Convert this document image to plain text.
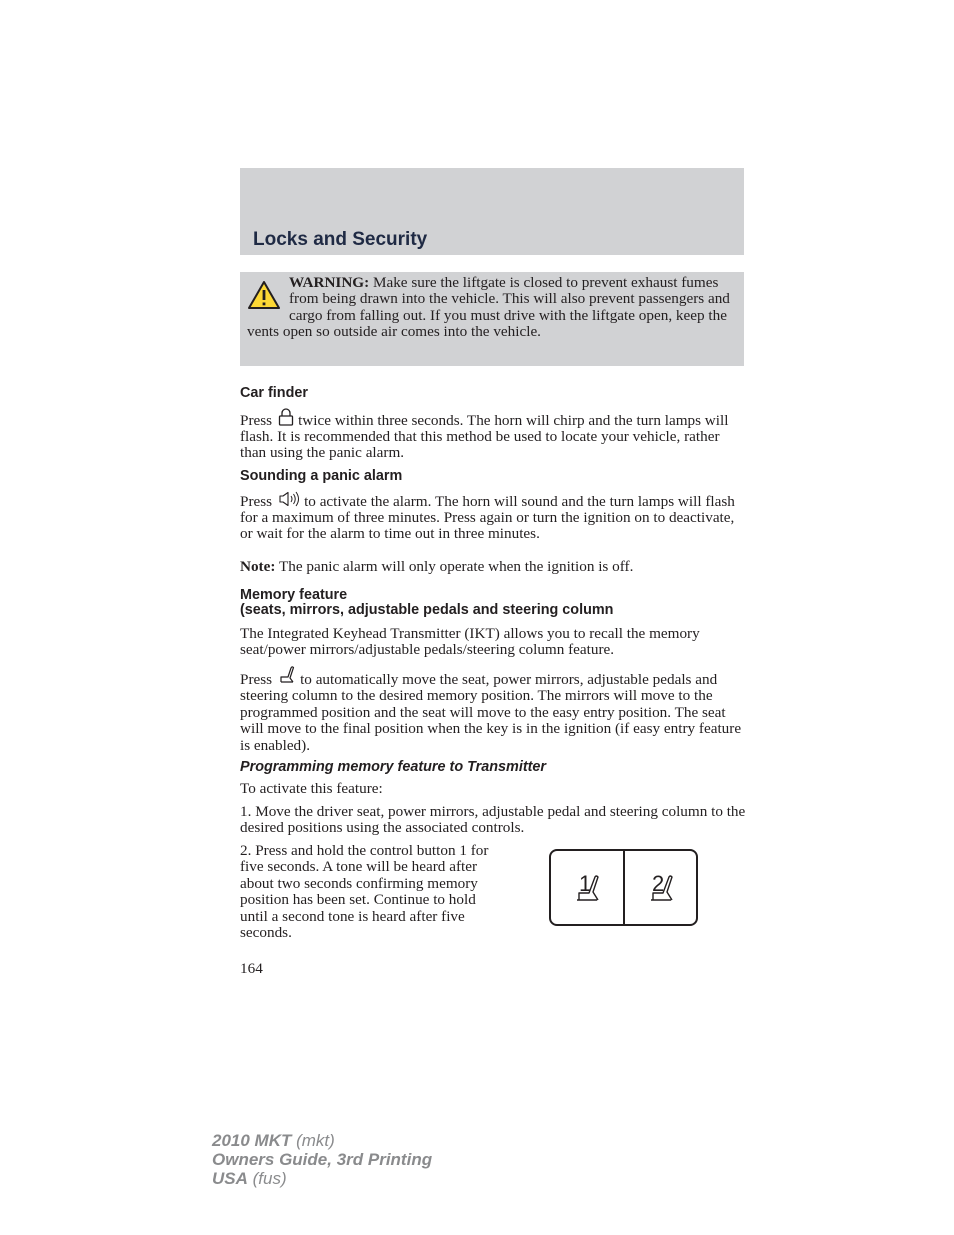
Locks and Security
WARNING: Make sure the liftgate is closed to prevent exhaust fumes from being drawn into the vehicle. This will also prevent passengers and cargo from falling out. If you must drive with the liftgate open, keep the vents open so outside air comes into the vehicle.
Car finder

Press twice within three seconds. The horn will chirp and the turn lamps will flash. It is recommended that this method be used to locate your vehicle, rather than using the panic alarm.

Sounding a panic alarm

Press to activate the alarm. The horn will sound and the turn lamps will flash for a maximum of three minutes. Press again or turn the ignition on to deactivate, or wait for the alarm to time out in three minutes.

Note: The panic alarm will only operate when the ignition is off.

Memory feature
(seats, mirrors, adjustable pedals and steering column

The Integrated Keyhead Transmitter (IKT) allows you to recall the memory seat/power mirrors/adjustable pedals/steering column feature.

Press to automatically move the seat, power mirrors, adjustable pedals and steering column to the desired memory position. The mirrors will move to the programmed position and the seat will move to the easy entry position. The seat will move to the final position when the key is in the ignition (if easy entry feature is enabled).

Programming memory feature to Transmitter

To activate this feature:

1. Move the driver seat, power mirrors, adjustable pedal and steering column to the desired positions using the associated controls.

2. Press and hold the control button 1 for five seconds. A tone will be heard after about two seconds confirming memory position has been set. Continue to hold until a second tone is heard after five seconds.

1	2

164

2010 MKT (mkt)
Owners Guide, 3rd Printing
USA (fus)
